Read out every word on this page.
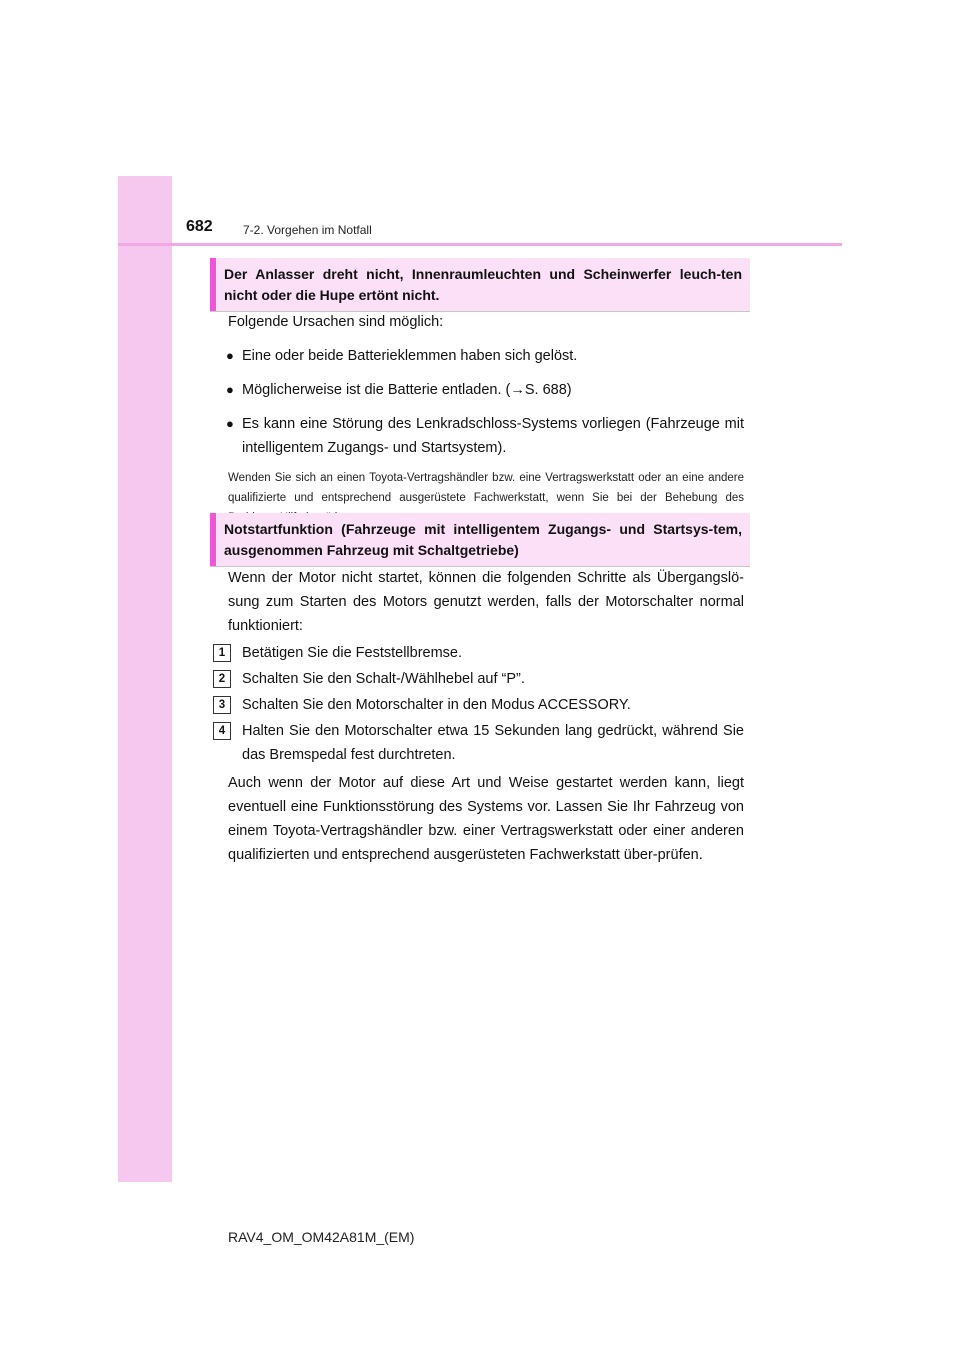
682	7-2. Vorgehen im Notfall
Der Anlasser dreht nicht, Innenraumleuchten und Scheinwerfer leuch-ten nicht oder die Hupe ertönt nicht.

Folgende Ursachen sind möglich:

● Eine oder beide Batterieklemmen haben sich gelöst.

● Möglicherweise ist die Batterie entladen. (→S. 688)

● Es kann eine Störung des Lenkradschloss-Systems vorliegen (Fahrzeuge mit intelligentem Zugangs- und Startsystem).

Wenden Sie sich an einen Toyota-Vertragshändler bzw. eine Vertragswerkstatt oder an eine andere qualifizierte und entsprechend ausgerüstete Fachwerkstatt, wenn Sie bei der Behebung des

Notstartfunktion (Fahrzeuge mit intelligentem Zugangs- und Startsys-tem, ausgenommen Fahrzeug mit Schaltgetriebe)

Wenn der Motor nicht startet, können die folgenden Schritte als Übergangslö-sung zum Starten des Motors genutzt werden, falls der Motorschalter normal funktioniert:

1	Betätigen Sie die Feststellbremse.

2	Schalten Sie den Schalt-/Wählhebel auf “P”.

3	Schalten Sie den Motorschalter in den Modus ACCESSORY.

4	Halten Sie den Motorschalter etwa 15 Sekunden lang gedrückt, während Sie das Bremspedal fest durchtreten.

Auch wenn der Motor auf diese Art und Weise gestartet werden kann, liegt eventuell eine Funktionsstörung des Systems vor. Lassen Sie Ihr Fahrzeug von einem Toyota-Vertragshändler bzw. einer Vertragswerkstatt oder einer anderen qualifizierten und entsprechend ausgerüsteten Fachwerkstatt über-prüfen.

RAV4_OM_OM42A81M_(EM)
